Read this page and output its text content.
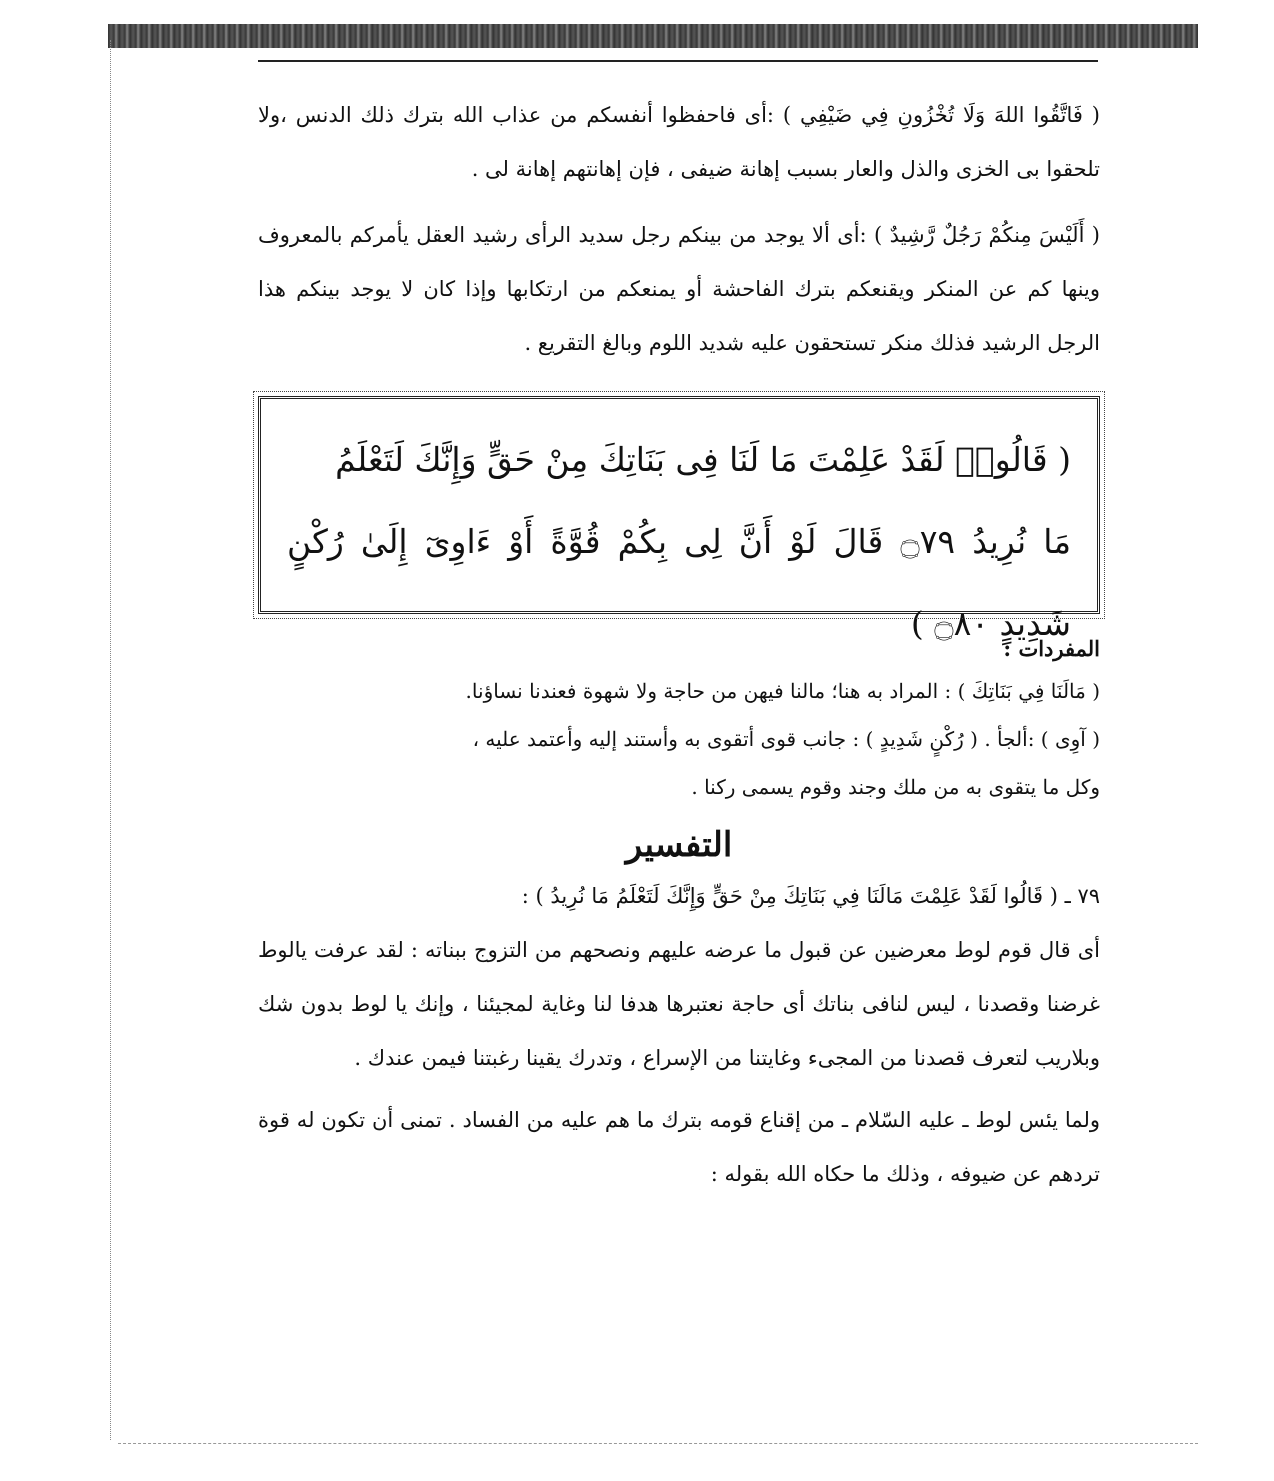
( فَاتَّقُوا اللهَ وَلَا تُخْزُونِ فِي ضَيْفِي ) :أى فاحفظوا أنفسكم من عذاب الله بترك ذلك الدنس ،ولا تلحقوا بى الخزى والذل والعار بسبب إهانة ضيفى ، فإن إهانتهم إهانة لى .

( أَلَيْسَ مِنكُمْ رَجُلٌ رَّشِيدٌ ) :أى ألا يوجد من بينكم رجل سديد الرأى رشيد العقل يأمركم بالمعروف وينها كم عن المنكر ويقنعكم بترك الفاحشة أو يمنعكم من ارتكابها وإذا كان لا يوجد بينكم هذا الرجل الرشيد فذلك منكر تستحقون عليه شديد اللوم وبالغ التقريع .

( قَالُوا۟ لَقَدْ عَلِمْتَ مَا لَنَا فِى بَنَاتِكَ مِنْ حَقٍّ وَإِنَّكَ لَتَعْلَمُ

مَا نُرِيدُ ۝٧٩ قَالَ لَوْ أَنَّ لِى بِكُمْ قُوَّةً أَوْ ءَاوِىٓ إِلَىٰ رُكْنٍ شَدِيدٍ ۝٨٠ )

المفردات :

( مَالَنَا فِي بَنَاتِكَ ) : المراد به هنا؛ مالنا فيهن من حاجة ولا شهوة فعندنا نساؤنا.

( آوِى ) :ألجأ . ( رُكْنٍ شَدِيدٍ ) : جانب قوى أتقوى به وأستند إليه وأعتمد عليه ،

وكل ما يتقوى به من ملك وجند وقوم يسمى ركنا .

التفسير

٧٩ ـ ( قَالُوا لَقَدْ عَلِمْتَ مَالَنَا فِي بَنَاتِكَ مِنْ حَقٍّ وَإِنَّكَ لَتَعْلَمُ مَا نُرِيدُ ) :

أى قال قوم لوط معرضين عن قبول ما عرضه عليهم ونصحهم من التزوج ببناته : لقد عرفت يالوط غرضنا وقصدنا ، ليس لنافى بناتك أى حاجة نعتبرها هدفا لنا وغاية لمجيئنا ، وإنك يا لوط بدون شك وبلاريب لتعرف قصدنا من المجىء وغايتنا من الإسراع ، وتدرك يقينا رغبتنا فيمن عندك .

ولما يئس لوط ـ عليه السّلام ـ من إقناع قومه بترك ما هم عليه من الفساد . تمنى أن تكون له قوة تردهم عن ضيوفه ، وذلك ما حكاه الله بقوله :
